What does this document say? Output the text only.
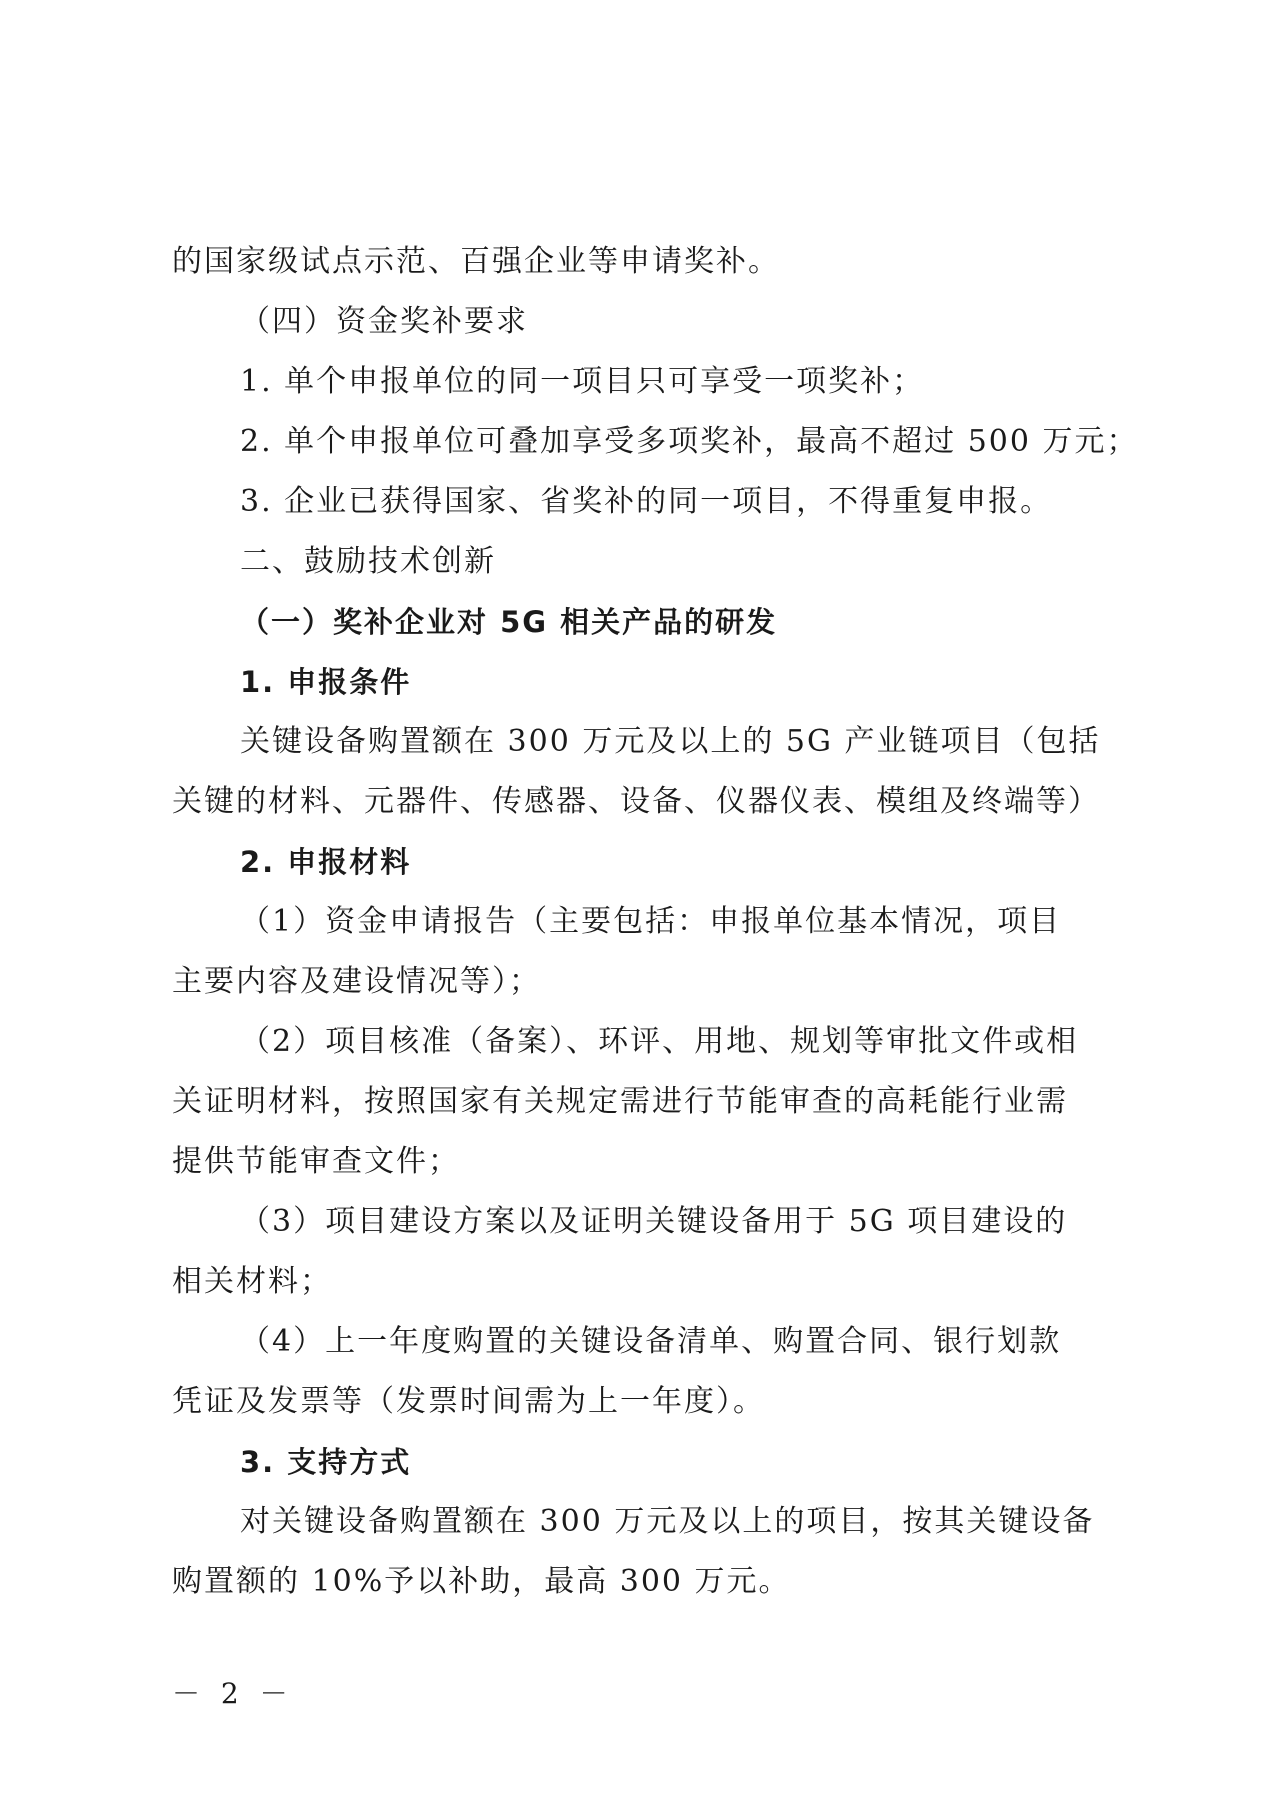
的国家级试点示范、百强企业等申请奖补。
（四）资金奖补要求
1. 单个申报单位的同一项目只可享受一项奖补；
2. 单个申报单位可叠加享受多项奖补，最高不超过 500 万元；
3. 企业已获得国家、省奖补的同一项目，不得重复申报。
二、鼓励技术创新
（一）奖补企业对 5G 相关产品的研发
1. 申报条件
关键设备购置额在 300 万元及以上的 5G 产业链项目（包括
关键的材料、元器件、传感器、设备、仪器仪表、模组及终端等）
2. 申报材料
（1）资金申请报告（主要包括：申报单位基本情况，项目
主要内容及建设情况等）；
（2）项目核准（备案）、环评、用地、规划等审批文件或相
关证明材料，按照国家有关规定需进行节能审查的高耗能行业需
提供节能审查文件；
（3）项目建设方案以及证明关键设备用于 5G 项目建设的
相关材料；
（4）上一年度购置的关键设备清单、购置合同、银行划款
凭证及发票等（发票时间需为上一年度）。
3. 支持方式
对关键设备购置额在 300 万元及以上的项目，按其关键设备
购置额的 10%予以补助，最高 300 万元。
－ 2 －
